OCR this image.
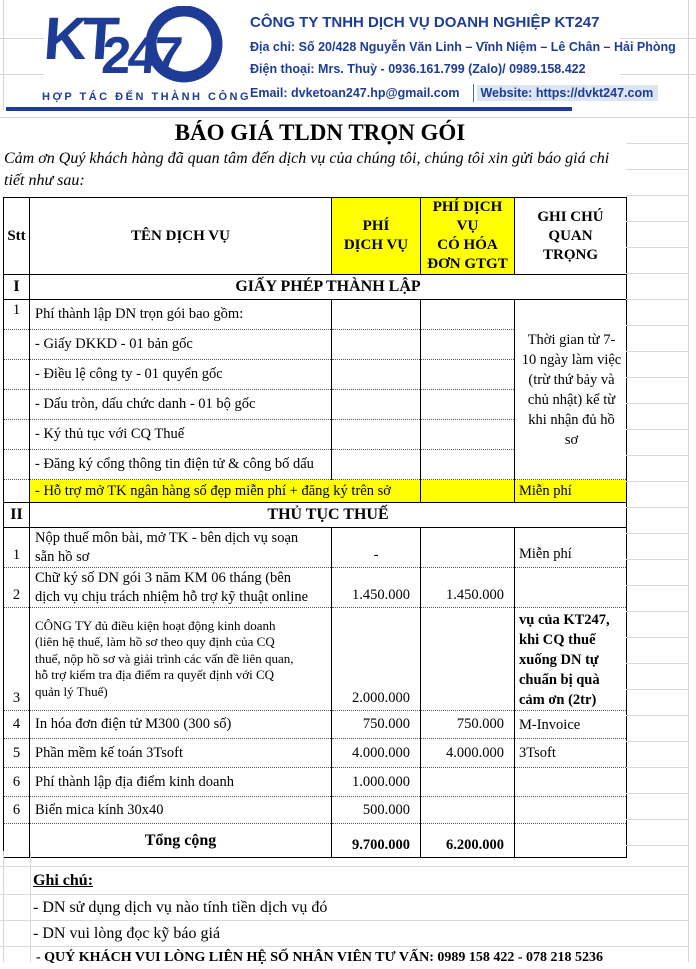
KT
247
HỢP TÁC ĐẾN THÀNH CÔNG
CÔNG TY TNHH DỊCH VỤ DOANH NGHIỆP KT247
Địa chỉ: Số 20/428 Nguyễn Văn Linh – Vĩnh Niệm – Lê Chân – Hải Phòng
Điện thoại: Mrs. Thuỳ - 0936.161.799 (Zalo)/ 0989.158.422
Email: dvketoan247.hp@gmail.com Website: https://dvkt247.com
BÁO GIÁ TLDN TRỌN GÓI

Cảm ơn Quý khách hàng đã quan tâm đến dịch vụ của chúng tôi, chúng tôi xin gửi báo giá chi
tiết như sau:

Stt	TÊN DỊCH VỤ	PHÍ
DỊCH VỤ	PHÍ DỊCH
VỤ
CÓ HÓA
ĐƠN GTGT	GHI CHÚ
QUAN
TRỌNG
I	GIẤY PHÉP THÀNH LẬP			
1	Phí thành lập DN trọn gói bao gồm:			Thời gian từ 7-
10 ngày làm việc
(trừ thứ bảy và
chủ nhật) kể từ
khi nhận đủ hồ
sơ
	- Giấy DKKD - 01 bản gốc			
	- Điều lệ công ty - 01 quyển gốc			
	- Dấu tròn, dấu chức danh - 01 bộ gốc			
	- Ký thủ tục với CQ Thuế			
	- Đăng ký cổng thông tin điện tử & công bố dấu			
	- Hỗ trợ mở TK ngân hàng số đẹp miễn phí + đăng ký trên sở			Miễn phí
II	THỦ TỤC THUẾ			
1	Nộp thuế môn bài, mở TK - bên dịch vụ soạn
sẵn hồ sơ	-		Miễn phí
2	Chữ ký số DN gói 3 năm KM 06 tháng (bên
dịch vụ chịu trách nhiệm hỗ trợ kỹ thuật online	1.450.000	1.450.000	
3	CÔNG TY đủ điều kiện hoạt động kinh doanh
(liên hệ thuế, làm hồ sơ theo quy định của CQ
thuế, nộp hồ sơ và giải trình các vấn đề liên quan,
hỗ trợ kiểm tra địa điểm ra quyết định với CQ
quản lý Thuế)	2.000.000		vụ của KT247,
khi CQ thuế
xuống DN tự
chuẩn bị quà
cảm ơn (2tr)
4	In hóa đơn điện tử M300 (300 số)	750.000	750.000	M-Invoice
5	Phần mềm kế toán 3Tsoft	4.000.000	4.000.000	3Tsoft
6	Phí thành lập địa điểm kinh doanh	1.000.000		
6	Biển mica kính 30x40	500.000		
	Tổng cộng	9.700.000	6.200.000	
Ghi chú:
- DN sử dụng dịch vụ nào tính tiền dịch vụ đó
- DN vui lòng đọc kỹ báo giá
- QUÝ KHÁCH VUI LÒNG LIÊN HỆ SỐ NHÂN VIÊN TƯ VẤN: 0989 158 422 - 078 218 5236
